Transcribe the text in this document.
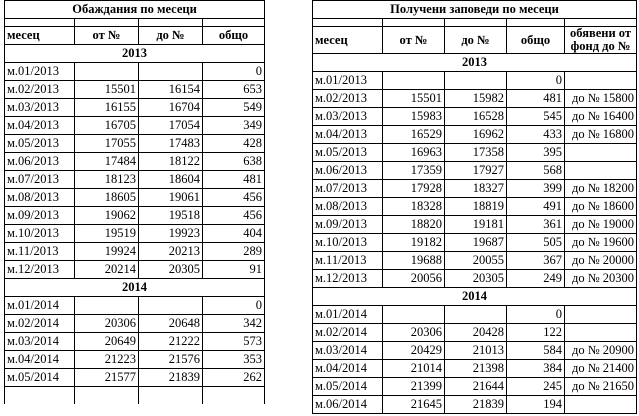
Обаждания по месеци			

месец	от №	до №	общо
2013			
м.01/2013			0
м.02/2013	15501	16154	653
м.03/2013	16155	16704	549
м.04/2013	16705	17054	349
м.05/2013	17055	17483	428
м.06/2013	17484	18122	638
м.07/2013	18123	18604	481
м.08/2013	18605	19061	456
м.09/2013	19062	19518	456
м.10/2013	19519	19923	404
м.11/2013	19924	20213	289
м.12/2013	20214	20305	91
2014			
м.01/2014			0
м.02/2014	20306	20648	342
м.03/2014	20649	21222	573
м.04/2014	21223	21576	353
м.05/2014	21577	21839	262

Получени заповеди по месеци				

месец	от №	до №	общо	обявени от фонд до №
2013				
м.01/2013			0	
м.02/2013	15501	15982	481	до № 15800
м.03/2013	15983	16528	545	до № 16400
м.04/2013	16529	16962	433	до № 16800
м.05/2013	16963	17358	395	
м.06/2013	17359	17927	568	
м.07/2013	17928	18327	399	до № 18200
м.08/2013	18328	18819	491	до № 18600
м.09/2013	18820	19181	361	до № 19000
м.10/2013	19182	19687	505	до № 19600
м.11/2013	19688	20055	367	до № 20000
м.12/2013	20056	20305	249	до № 20300
2014				
м.01/2014			0	
м.02/2014	20306	20428	122	
м.03/2014	20429	21013	584	до № 20900
м.04/2014	21014	21398	384	до № 21400
м.05/2014	21399	21644	245	до № 21650
м.06/2014	21645	21839	194	
